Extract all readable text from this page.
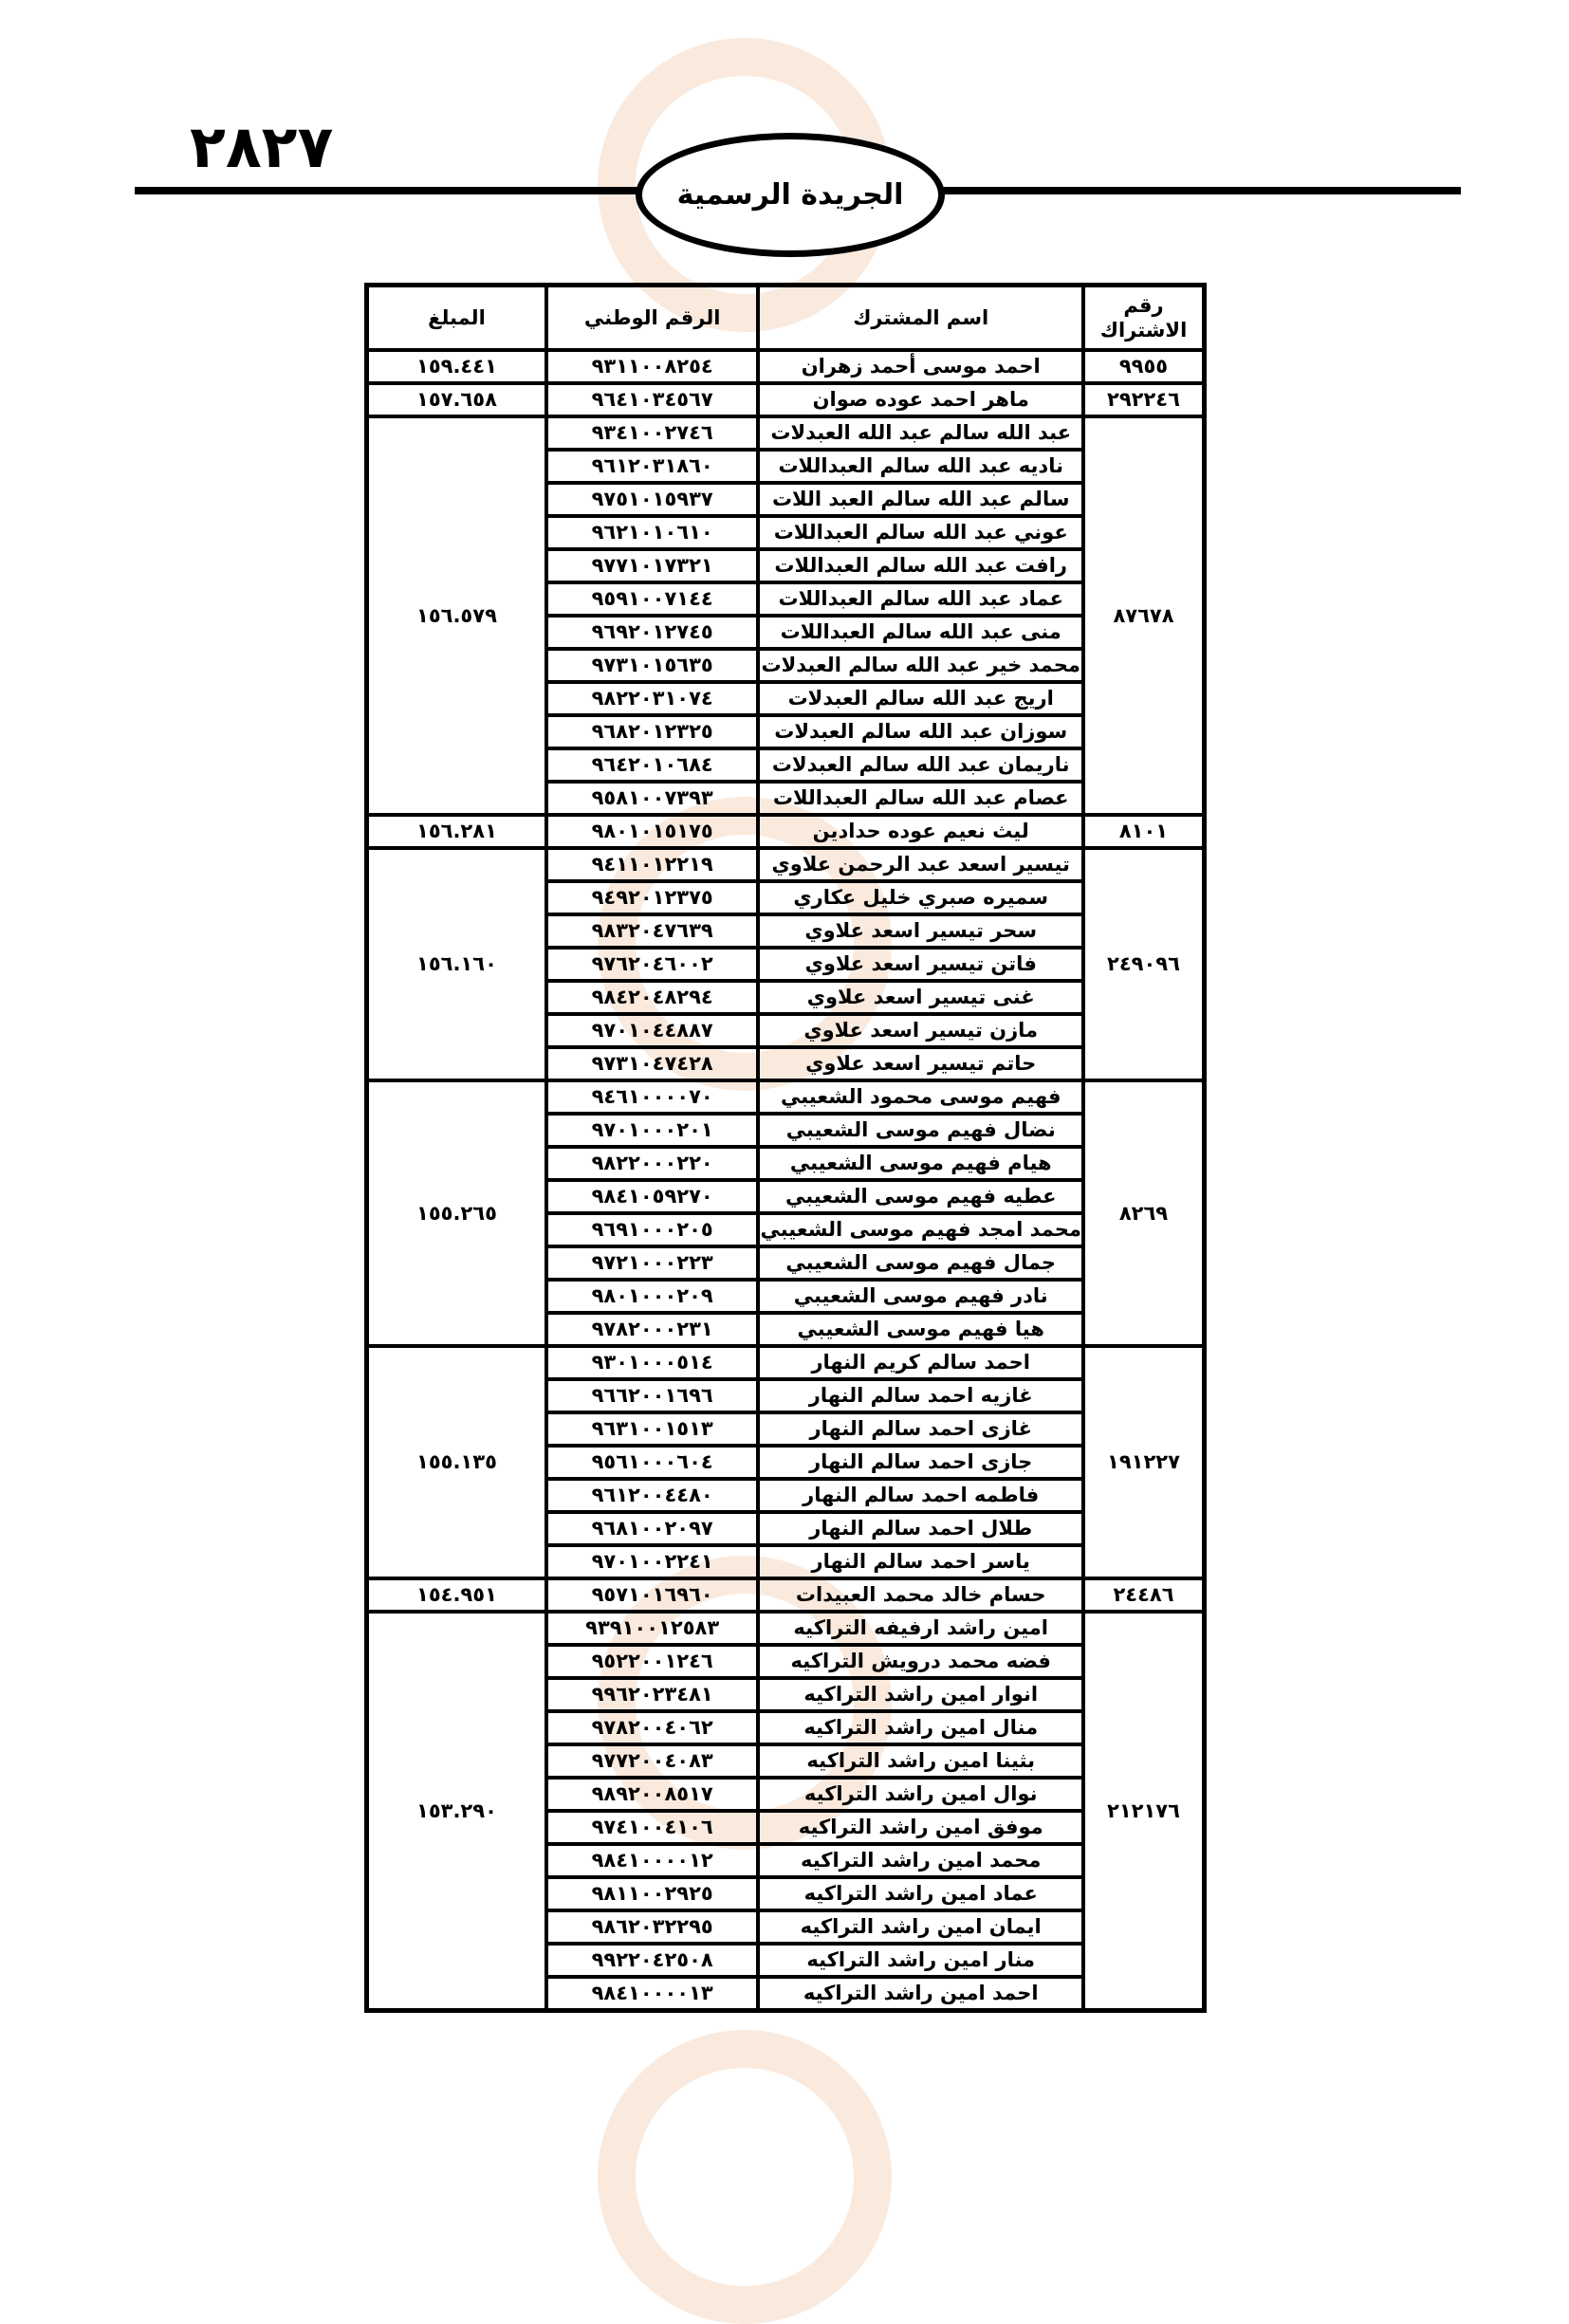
٢٨٢٧
الجريدة الرسمية
رقم الاشتراك	اسم المشترك	الرقم الوطني	المبلغ
٩٩٥٥	احمد موسى أحمد زهران	٩٣١١٠٠٨٢٥٤	١٥٩.٤٤١
٢٩٢٢٤٦	ماهر احمد عوده صوان	٩٦٤١٠٣٤٥٦٧	١٥٧.٦٥٨
٨٧٦٧٨	عبد الله سالم عبد الله العبدلات	٩٣٤١٠٠٢٧٤٦	١٥٦.٥٧٩
	ناديه عبد الله سالم العبداللات	٩٦١٢٠٣١٨٦٠	
	سالم عبد الله سالم العبد اللات	٩٧٥١٠١٥٩٣٧	
	عوني عبد الله سالم العبداللات	٩٦٢١٠١٠٦١٠	
	رافت عبد الله سالم العبداللات	٩٧٧١٠١٧٣٢١	
	عماد عبد الله سالم العبداللات	٩٥٩١٠٠٧١٤٤	
	منى عبد الله سالم العبداللات	٩٦٩٢٠١٢٧٤٥	
	محمد خير عبد الله سالم العبدلات	٩٧٣١٠١٥٦٣٥	
	اريج عبد الله سالم العبدلات	٩٨٢٢٠٣١٠٧٤	
	سوزان عبد الله سالم العبدلات	٩٦٨٢٠١٢٣٢٥	
	ناريمان عبد الله سالم العبدلات	٩٦٤٢٠١٠٦٨٤	
	عصام عبد الله سالم العبداللات	٩٥٨١٠٠٧٣٩٣	
٨١٠١	ليث نعيم عوده حدادين	٩٨٠١٠١٥١٧٥	١٥٦.٢٨١
٢٤٩٠٩٦	تيسير اسعد عبد الرحمن علاوي	٩٤١١٠١٢٢١٩	١٥٦.١٦٠
	سميره صبري خليل عكاري	٩٤٩٢٠١٢٣٧٥	
	سحر تيسير اسعد علاوي	٩٨٣٢٠٤٧٦٣٩	
	فاتن تيسير اسعد علاوي	٩٧٦٢٠٤٦٠٠٢	
	غنى تيسير اسعد علاوي	٩٨٤٢٠٤٨٢٩٤	
	مازن تيسير اسعد علاوي	٩٧٠١٠٤٤٨٨٧	
	حاتم تيسير اسعد علاوي	٩٧٣١٠٤٧٤٢٨	
٨٢٦٩	فهيم موسى محمود الشعيبي	٩٤٦١٠٠٠٠٧٠	١٥٥.٢٦٥
	نضال فهيم موسى الشعيبي	٩٧٠١٠٠٠٢٠١	
	هيام فهيم موسى الشعيبي	٩٨٢٢٠٠٠٢٢٠	
	عطيه فهيم موسى الشعيبي	٩٨٤١٠٥٩٢٧٠	
	محمد امجد فهيم موسى الشعيبي	٩٦٩١٠٠٠٢٠٥	
	جمال فهيم موسى الشعيبي	٩٧٢١٠٠٠٢٢٣	
	نادر فهيم موسى الشعيبي	٩٨٠١٠٠٠٢٠٩	
	هيا فهيم موسى الشعيبي	٩٧٨٢٠٠٠٢٣١	
١٩١٢٢٧	احمد سالم كريم النهار	٩٣٠١٠٠٠٥١٤	١٥٥.١٣٥
	غازيه احمد سالم النهار	٩٦٦٢٠٠١٦٩٦	
	غازى احمد سالم النهار	٩٦٣١٠٠١٥١٣	
	جازى احمد سالم النهار	٩٥٦١٠٠٠٦٠٤	
	فاطمه احمد سالم النهار	٩٦١٢٠٠٤٤٨٠	
	طلال احمد سالم النهار	٩٦٨١٠٠٢٠٩٧	
	ياسر احمد سالم النهار	٩٧٠١٠٠٢٢٤١	
٢٤٤٨٦	حسام خالد محمد العبيدات	٩٥٧١٠١٦٩٦٠	١٥٤.٩٥١
٢١٢١٧٦	امين راشد ارفيفه التراكيه	٩٣٩١٠٠١٢٥٨٣	١٥٣.٢٩٠
	فضه محمد درويش التراكيه	٩٥٢٢٠٠١٢٤٦	
	انوار امين راشد التراكيه	٩٩٦٢٠٢٣٤٨١	
	منال امين راشد التراكيه	٩٧٨٢٠٠٤٠٦٢	
	بثينا امين راشد التراكيه	٩٧٧٢٠٠٤٠٨٣	
	نوال امين راشد التراكيه	٩٨٩٢٠٠٨٥١٧	
	موفق امين راشد التراكيه	٩٧٤١٠٠٤١٠٦	
	محمد امين راشد التراكيه	٩٨٤١٠٠٠٠١٢	
	عماد امين راشد التراكيه	٩٨١١٠٠٢٩٢٥	
	ايمان امين راشد التراكيه	٩٨٦٢٠٣٢٢٩٥	
	منار امين راشد التراكيه	٩٩٢٢٠٤٢٥٠٨	
	احمد امين راشد التراكيه	٩٨٤١٠٠٠٠١٣	
